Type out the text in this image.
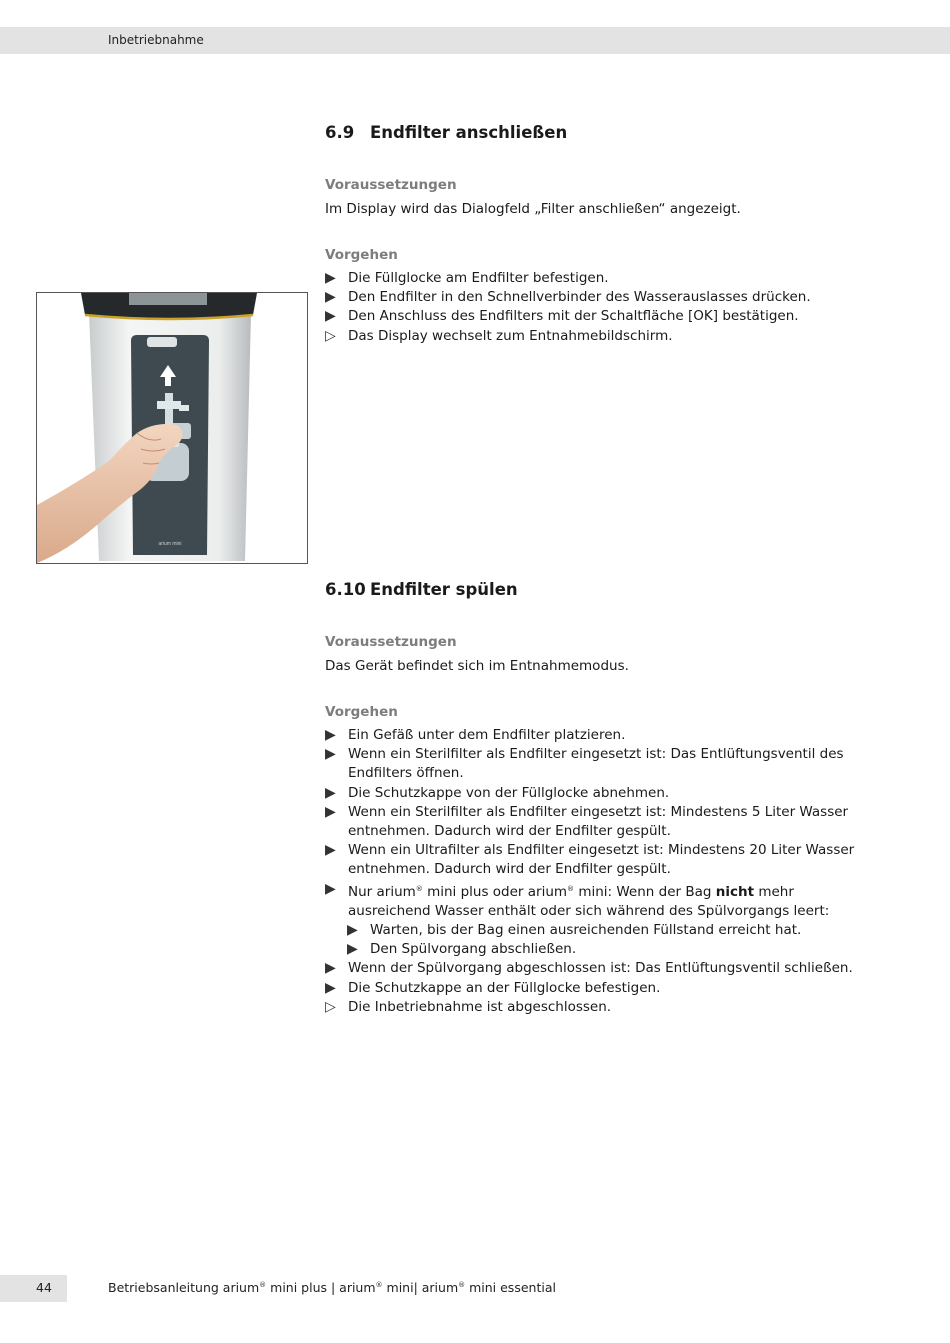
Inbetriebnahme
6.9 Endfilter anschließen
Voraussetzungen
Im Display wird das Dialogfeld „Filter anschließen“ angezeigt.
Vorgehen
▶ Die Füllglocke am Endfilter befestigen.
▶ Den Endfilter in den Schnellverbinder des Wasserauslasses drücken.
▶ Den Anschluss des Endfilters mit der Schaltfläche [OK] bestätigen.
▷ Das Display wechselt zum Entnahmebildschirm.
arium mini
6.10 Endfilter spülen
Voraussetzungen
Das Gerät befindet sich im Entnahmemodus.
Vorgehen
▶ Ein Gefäß unter dem Endfilter platzieren.
▶ Wenn ein Sterilfilter als Endfilter eingesetzt ist: Das Entlüftungsventil des Endfilters öffnen.
▶ Die Schutzkappe von der Füllglocke abnehmen.
▶ Wenn ein Sterilfilter als Endfilter eingesetzt ist: Mindestens 5 Liter Wasser entnehmen. Dadurch wird der Endfilter gespült.
▶ Wenn ein Ultrafilter als Endfilter eingesetzt ist: Mindestens 20 Liter Wasser entnehmen. Dadurch wird der Endfilter gespült.
▶ Nur arium® mini plus oder arium® mini: Wenn der Bag nicht mehr ausreichend Wasser enthält oder sich während des Spülvorgangs leert:
▶ Warten, bis der Bag einen ausreichenden Füllstand erreicht hat.
▶ Den Spülvorgang abschließen.
▶ Wenn der Spülvorgang abgeschlossen ist: Das Entlüftungsventil schließen.
▶ Die Schutzkappe an der Füllglocke befestigen.
▷ Die Inbetriebnahme ist abgeschlossen.
44	Betriebsanleitung arium® mini plus | arium® mini| arium® mini essential
